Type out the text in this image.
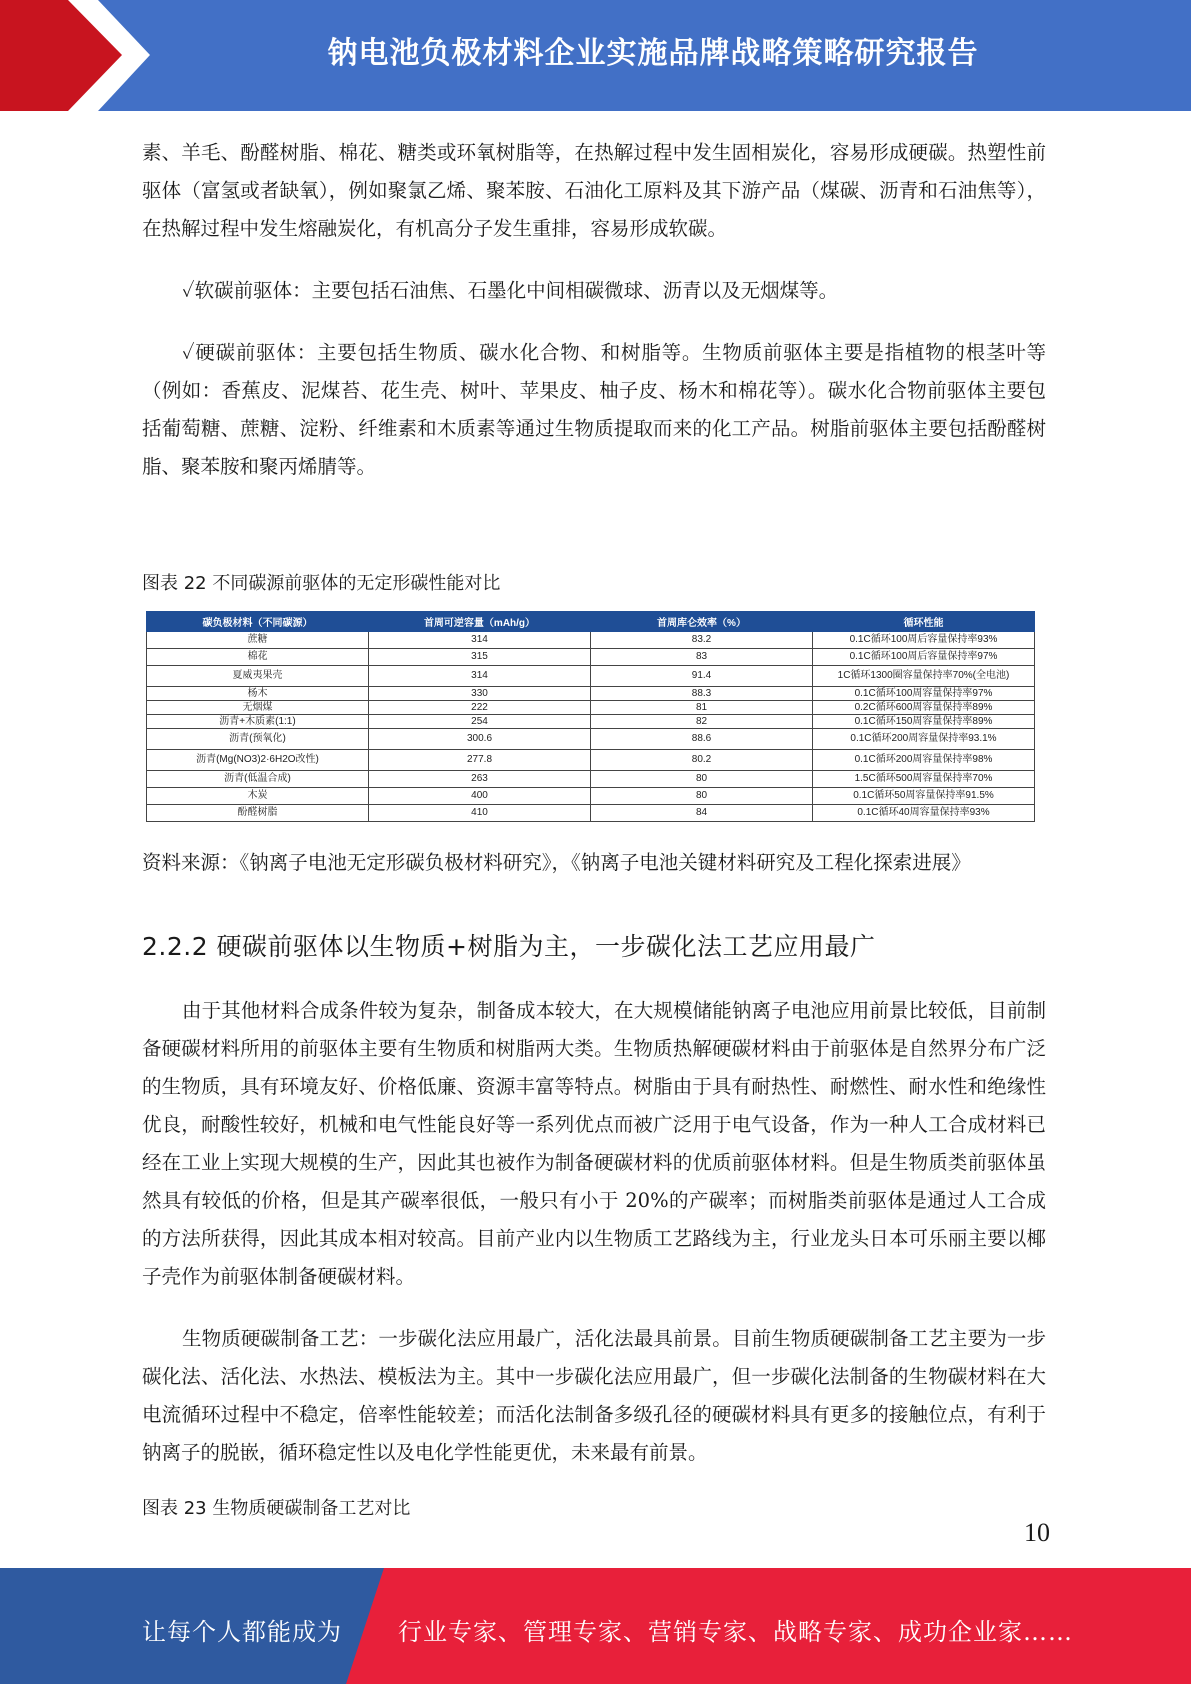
钠电池负极材料企业实施品牌战略策略研究报告

素、羊毛、酚醛树脂、棉花、糖类或环氧树脂等，在热解过程中发生固相炭化，容易形成硬碳。热塑性前驱体（富氢或者缺氧），例如聚氯乙烯、聚苯胺、石油化工原料及其下游产品（煤碳、沥青和石油焦等），在热解过程中发生熔融炭化，有机高分子发生重排，容易形成软碳。

✓软碳前驱体：主要包括石油焦、石墨化中间相碳微球、沥青以及无烟煤等。

✓硬碳前驱体：主要包括生物质、碳水化合物、和树脂等。生物质前驱体主要是指植物的根茎叶等（例如：香蕉皮、泥煤苔、花生壳、树叶、苹果皮、柚子皮、杨木和棉花等）。碳水化合物前驱体主要包括葡萄糖、蔗糖、淀粉、纤维素和木质素等通过生物质提取而来的化工产品。树脂前驱体主要包括酚醛树脂、聚苯胺和聚丙烯腈等。

图表 22 不同碳源前驱体的无定形碳性能对比
碳负极材料（不同碳源）	首周可逆容量（mAh/g）	首周库仑效率（%）	循环性能
蔗糖	314	83.2	0.1C循环100周后容量保持率93%
棉花	315	83	0.1C循环100周后容量保持率97%
夏威夷果壳	314	91.4	1C循环1300圈容量保持率70%(全电池)
杨木	330	88.3	0.1C循环100周容量保持率97%
无烟煤	222	81	0.2C循环600周容量保持率89%
沥青+木质素(1:1)	254	82	0.1C循环150周容量保持率89%
沥青(预氧化)	300.6	88.6	0.1C循环200周容量保持率93.1%
沥青(Mg(NO3)2·6H2O改性)	277.8	80.2	0.1C循环200周容量保持率98%
沥青(低温合成)	263	80	1.5C循环500周容量保持率70%
木炭	400	80	0.1C循环50周容量保持率91.5%
酚醛树脂	410	84	0.1C循环40周容量保持率93%

资料来源：《钠离子电池无定形碳负极材料研究》，《钠离子电池关键材料研究及工程化探索进展》

2.2.2 硬碳前驱体以生物质+树脂为主，一步碳化法工艺应用最广

由于其他材料合成条件较为复杂，制备成本较大，在大规模储能钠离子电池应用前景比较低，目前制备硬碳材料所用的前驱体主要有生物质和树脂两大类。生物质热解硬碳材料由于前驱体是自然界分布广泛的生物质，具有环境友好、价格低廉、资源丰富等特点。树脂由于具有耐热性、耐燃性、耐水性和绝缘性优良，耐酸性较好，机械和电气性能良好等一系列优点而被广泛用于电气设备，作为一种人工合成材料已经在工业上实现大规模的生产，因此其也被作为制备硬碳材料的优质前驱体材料。但是生物质类前驱体虽然具有较低的价格，但是其产碳率很低，一般只有小于 20%的产碳率；而树脂类前驱体是通过人工合成的方法所获得，因此其成本相对较高。目前产业内以生物质工艺路线为主，行业龙头日本可乐丽主要以椰子壳作为前驱体制备硬碳材料。

生物质硬碳制备工艺：一步碳化法应用最广，活化法最具前景。目前生物质硬碳制备工艺主要为一步碳化法、活化法、水热法、模板法为主。其中一步碳化法应用最广，但一步碳化法制备的生物碳材料在大电流循环过程中不稳定，倍率性能较差；而活化法制备多级孔径的硬碳材料具有更多的接触位点，有利于钠离子的脱嵌，循环稳定性以及电化学性能更优，未来最有前景。

图表 23 生物质硬碳制备工艺对比
10
让每个人都能成为 行业专家、管理专家、营销专家、战略专家、成功企业家……
